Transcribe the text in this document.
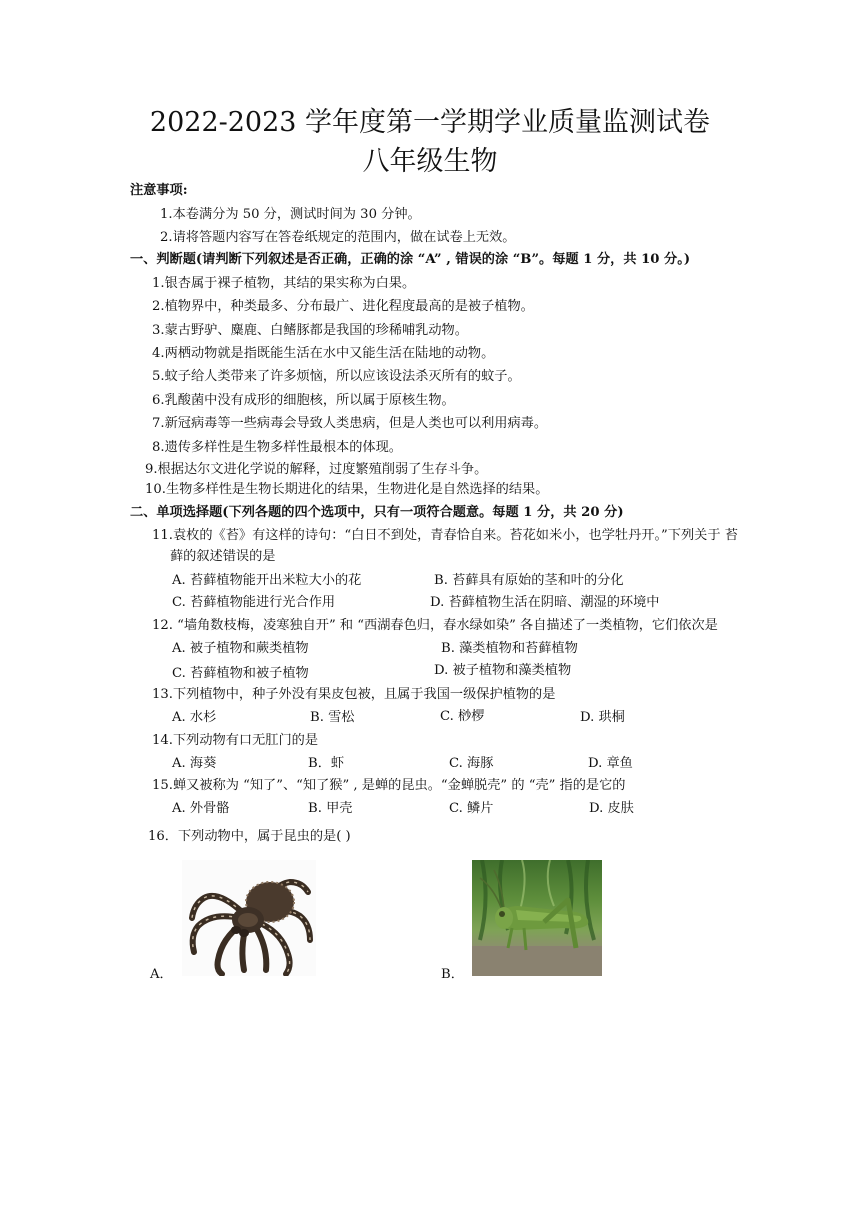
2022-2023 学年度第一学期学业质量监测试卷
八年级生物
注意事项:
1.本卷满分为 50 分，测试时间为 30 分钟。
2.请将答题内容写在答卷纸规定的范围内，做在试卷上无效。
一、判断题(请判断下列叙述是否正确，正确的涂 “A” , 错误的涂 “B”。每题 1 分，共 10 分。)
1.银杏属于裸子植物，其结的果实称为白果。
2.植物界中，种类最多、分布最广、进化程度最高的是被子植物。
3.蒙古野驴、麋鹿、白鳍豚都是我国的珍稀哺乳动物。
4.两栖动物就是指既能生活在水中又能生活在陆地的动物。
5.蚊子给人类带来了许多烦恼，所以应该设法杀灭所有的蚊子。
6.乳酸菌中没有成形的细胞核，所以属于原核生物。
7.新冠病毒等一些病毒会导致人类患病，但是人类也可以利用病毒。
8.遗传多样性是生物多样性最根本的体现。
9.根据达尔文进化学说的解释，过度繁殖削弱了生存斗争。
10.生物多样性是生物长期进化的结果，生物进化是自然选择的结果。
二、单项选择题(下列各题的四个选项中，只有一项符合题意。每题 1 分，共 20 分)
11.袁枚的《苔》有这样的诗句：“白日不到处，青春恰自来。苔花如米小，也学牡丹开。”下列关于 苔
藓的叙述错误的是
A. 苔藓植物能开出米粒大小的花	B. 苔藓具有原始的茎和叶的分化
C. 苔藓植物能进行光合作用	D. 苔藓植物生活在阴暗、潮湿的环境中
12. “墙角数枝梅，凌寒独自开” 和 “西湖春色归，春水绿如染” 各自描述了一类植物，它们依次是
A. 被子植物和蕨类植物	B. 藻类植物和苔藓植物
C. 苔藓植物和被子植物	D. 被子植物和藻类植物
13.下列植物中，种子外没有果皮包被，且属于我国一级保护植物的是
A. 水杉	B. 雪松	C. 桫椤	D. 珙桐
14.下列动物有口无肛门的是
A. 海葵	B．虾	C. 海豚	D. 章鱼
15.蝉又被称为 “知了”、“知了猴” , 是蝉的昆虫。“金蝉脱壳” 的 “壳” 指的是它的
A. 外骨骼	B. 甲壳	C. 鳞片	D. 皮肤
16．下列动物中，属于昆虫的是( )
A．	B．
